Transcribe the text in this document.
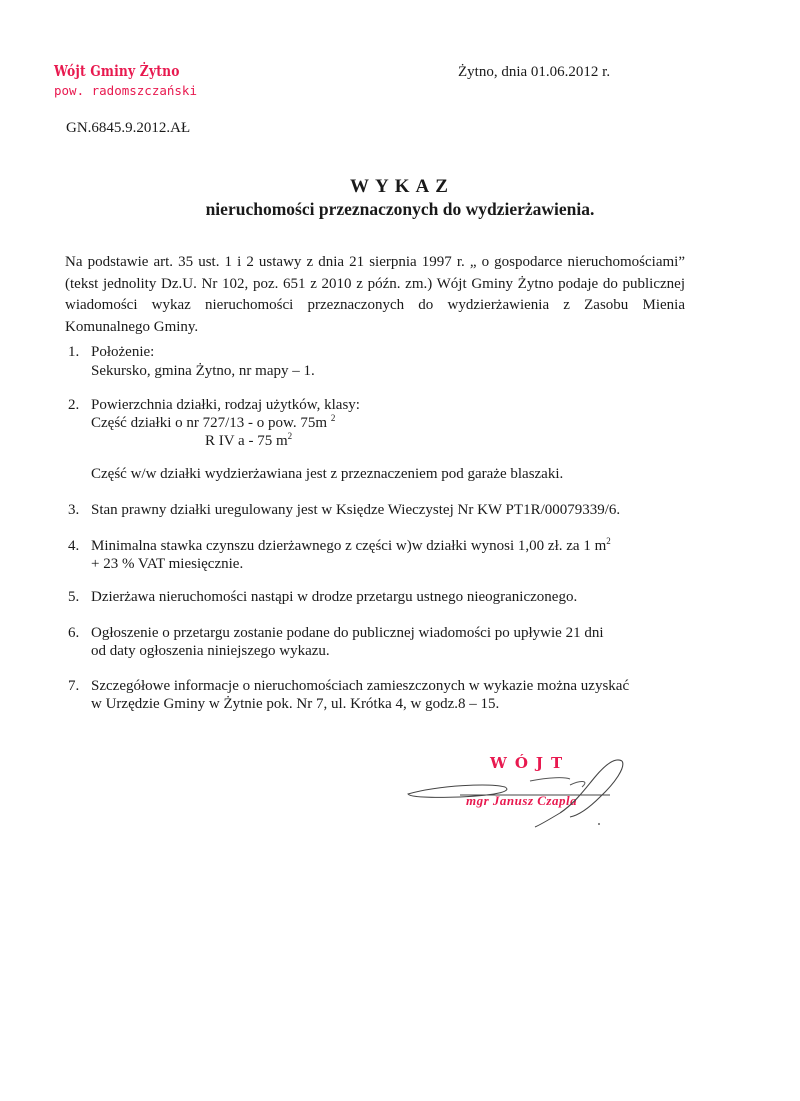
Wójt Gminy Żytno
pow. radomszczański
Żytno, dnia 01.06.2012 r.
GN.6845.9.2012.AŁ
WYKAZ
nieruchomości przeznaczonych do wydzierżawienia.
Na podstawie art. 35 ust. 1 i 2 ustawy z dnia 21 sierpnia 1997 r. „ o gospodarce nieruchomościami” (tekst jednolity Dz.U. Nr 102, poz. 651 z 2010 z późn. zm.) Wójt Gminy Żytno podaje do publicznej wiadomości wykaz nieruchomości przeznaczonych do wydzierżawienia z Zasobu Mienia Komunalnego Gminy.
1. Położenie:
Sekursko, gmina Żytno, nr mapy – 1.
2. Powierzchnia działki, rodzaj użytków, klasy:
Część działki o nr 727/13 - o pow. 75m $^2$
R IV a - 75 $m^2$
Część w/w działki wydzierżawiana jest z przeznaczeniem pod garaże blaszaki.
3. Stan prawny działki uregulowany jest w Księdze Wieczystej Nr KW PT1R/00079339/6.
4. Minimalna stawka czynszu dzierżawnego z części w)w działki wynosi 1,00 zł. za 1 $m^2$
+ 23 % VAT miesięcznie.
5. Dzierżawa nieruchomości nastąpi w drodze przetargu ustnego nieograniczonego.
6. Ogłoszenie o przetargu zostanie podane do publicznej wiadomości po upływie 21 dni
od daty ogłoszenia niniejszego wykazu.
7. Szczegółowe informacje o nieruchomościach zamieszczonych w wykazie można uzyskać
w Urzędzie Gminy w Żytnie pok. Nr 7, ul. Krótka 4, w godz.8 – 15.
WÓJT
mgr Janusz Czapla
